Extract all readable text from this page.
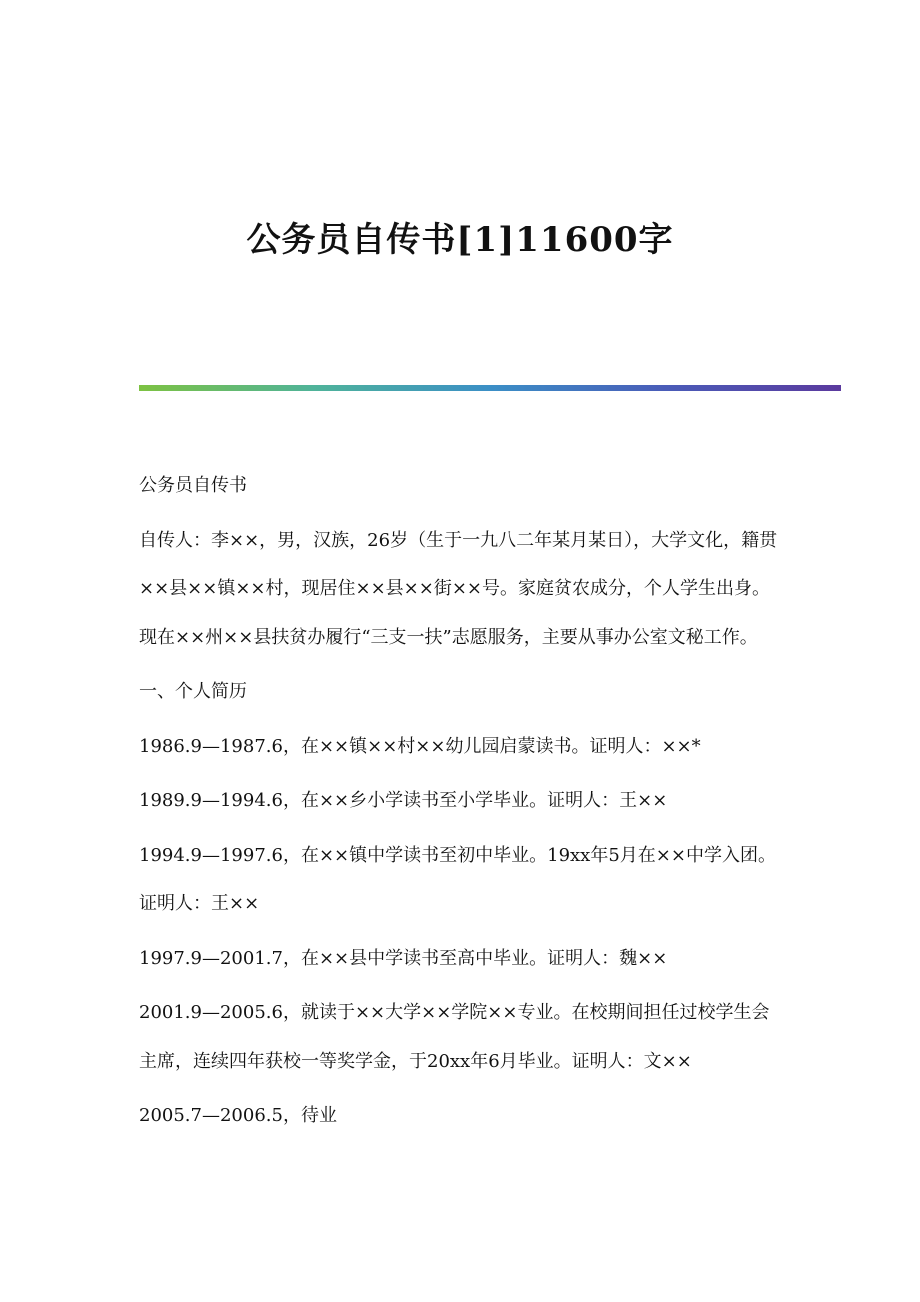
公务员自传书[1]11600字

公务员自传书

自传人：李××，男，汉族，26岁（生于一九八二年某月某日），大学文化，籍贯××县××镇××村，现居住××县××街××号。家庭贫农成分，个人学生出身。现在××州××县扶贫办履行“三支一扶”志愿服务，主要从事办公室文秘工作。

一、个人简历

1986.9—1987.6，在××镇××村××幼儿园启蒙读书。证明人：××*

1989.9—1994.6，在××乡小学读书至小学毕业。证明人：王××

1994.9—1997.6，在××镇中学读书至初中毕业。19xx年5月在××中学入团。证明人：王××

1997.9—2001.7，在××县中学读书至高中毕业。证明人：魏××

2001.9—2005.6，就读于××大学××学院××专业。在校期间担任过校学生会主席，连续四年获校一等奖学金，于20xx年6月毕业。证明人：文××

2005.7—2006.5，待业
